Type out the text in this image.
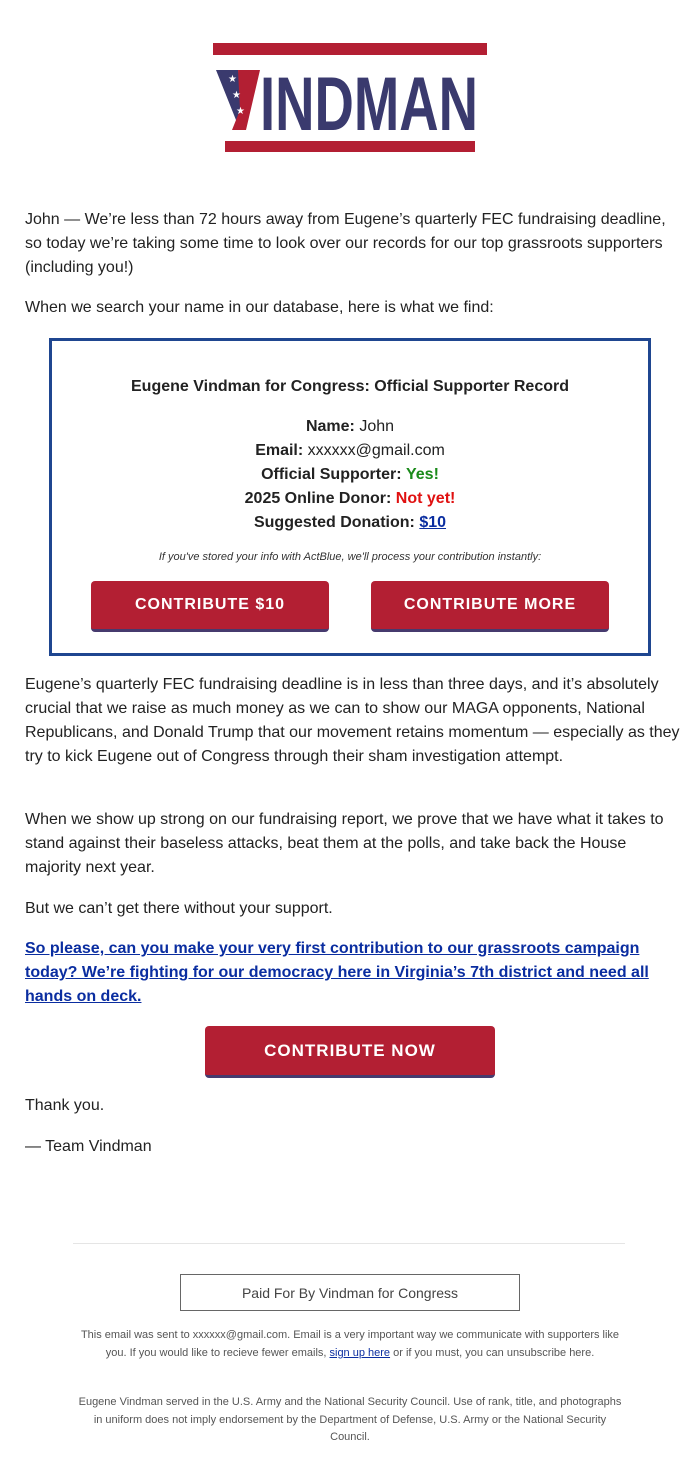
★
★
★ INDMAN

John — We’re less than 72 hours away from Eugene’s quarterly FEC fundraising deadline, so today we’re taking some time to look over our records for our top grassroots supporters (including you!)

When we search your name in our database, here is what we find:

Eugene Vindman for Congress: Official Supporter Record
Name: John
Email: xxxxxx@gmail.com
Official Supporter: Yes!
2025 Online Donor: Not yet!
Suggested Donation: $10

If you've stored your info with ActBlue, we'll process your contribution instantly:

CONTRIBUTE $10	CONTRIBUTE MORE

Eugene’s quarterly FEC fundraising deadline is in less than three days, and it’s absolutely crucial that we raise as much money as we can to show our MAGA opponents, National Republicans, and Donald Trump that our movement retains momentum — especially as they try to kick Eugene out of Congress through their sham investigation attempt.

When we show up strong on our fundraising report, we prove that we have what it takes to stand against their baseless attacks, beat them at the polls, and take back the House majority next year.

But we can’t get there without your support.

So please, can you make your very first contribution to our grassroots campaign today? We’re fighting for our democracy here in Virginia’s 7th district and need all hands on deck.
CONTRIBUTE NOW

Thank you.

— Team Vindman

Paid For By Vindman for Congress

This email was sent to xxxxxx@gmail.com. Email is a very important way we communicate with supporters like you. If you would like to recieve fewer emails, sign up here or if you must, you can unsubscribe here.

Eugene Vindman served in the U.S. Army and the National Security Council. Use of rank, title, and photographs in uniform does not imply endorsement by the Department of Defense, U.S. Army or the National Security Council.
